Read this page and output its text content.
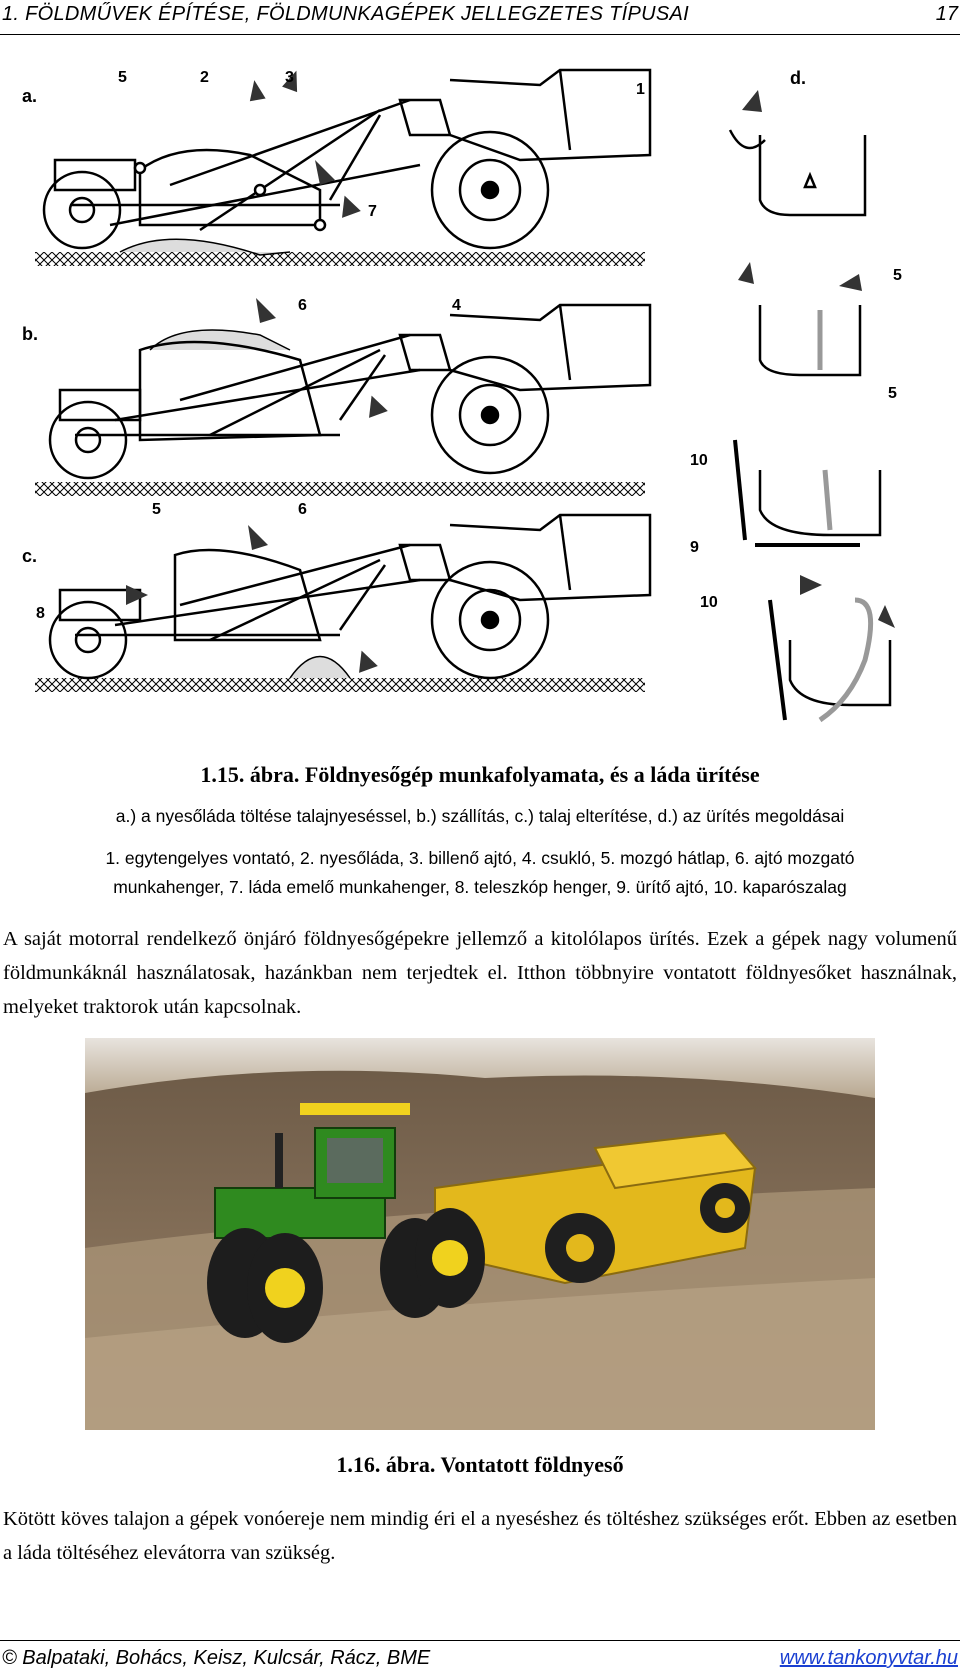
1. FÖLDMŰVEK ÉPÍTÉSE, FÖLDMUNKAGÉPEK JELLEGZETES TÍPUSAI	17
a.
5	2	3
1
7
b.
6	4
c.
5	6
8
d.
5
5
10
9
10
1.15. ábra. Földnyesőgép munkafolyamata, és a láda ürítése
a.) a nyesőláda töltése talajnyeséssel, b.) szállítás, c.) talaj elterítése, d.) az ürítés megoldásai
1. egytengelyes vontató, 2. nyesőláda, 3. billenő ajtó, 4. csukló, 5. mozgó hátlap, 6. ajtó mozgató
munkahenger, 7. láda emelő munkahenger, 8. teleszkóp henger, 9. ürítő ajtó, 10. kaparószalag
A saját motorral rendelkező önjáró földnyesőgépekre jellemző a kitolólapos ürítés. Ezek a gépek nagy volumenű földmunkáknál használatosak, hazánkban nem terjedtek el. Itthon többnyire vontatott földnyesőket használnak, melyeket traktorok után kapcsolnak.
1.16. ábra. Vontatott földnyeső
Kötött köves talajon a gépek vonóereje nem mindig éri el a nyeséshez és töltéshez szükséges erőt. Ebben az esetben a láda töltéséhez elevátorra van szükség.
© Balpataki, Bohács, Keisz, Kulcsár, Rácz, BME	www.tankonyvtar.hu
